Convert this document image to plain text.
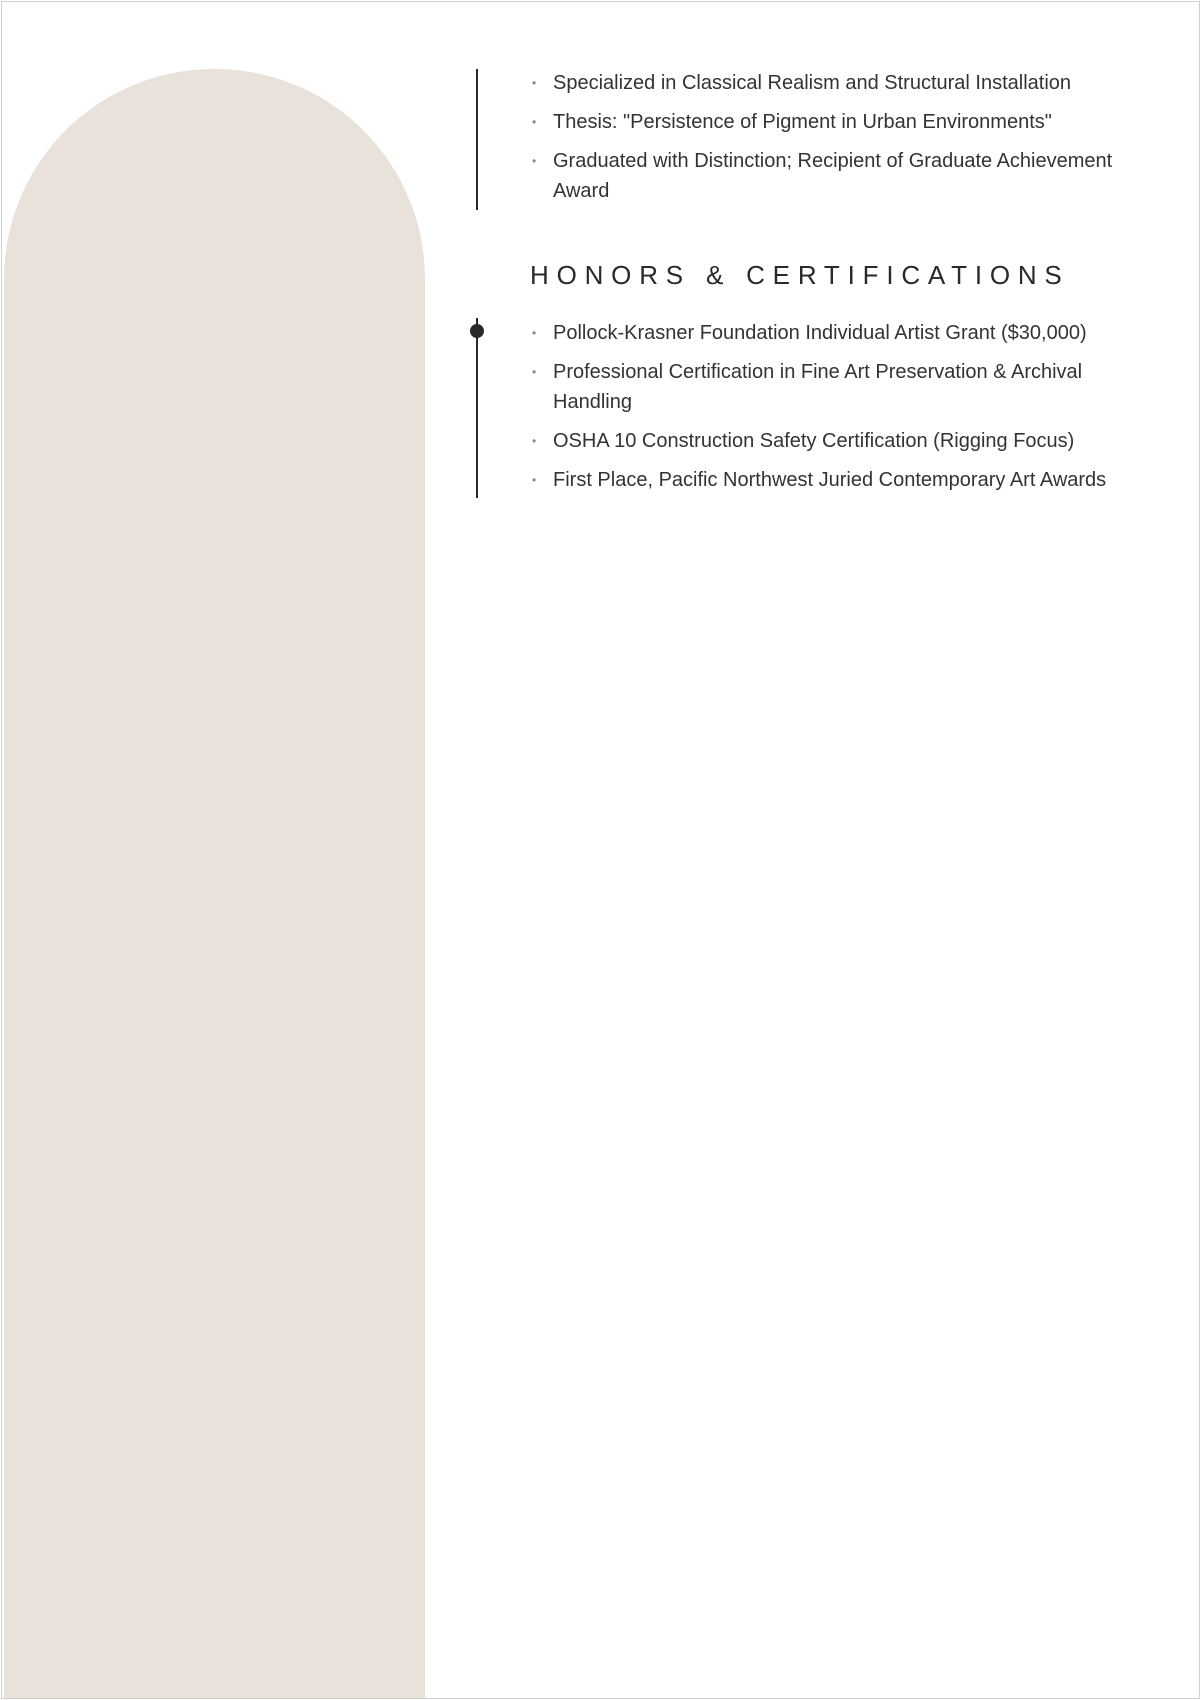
• Specialized in Classical Realism and Structural Installation
• Thesis: "Persistence of Pigment in Urban Environments"
• Graduated with Distinction; Recipient of Graduate Achievement Award
HONORS & CERTIFICATIONS
• Pollock-Krasner Foundation Individual Artist Grant ($30,000)
• Professional Certification in Fine Art Preservation & Archival Handling
• OSHA 10 Construction Safety Certification (Rigging Focus)
• First Place, Pacific Northwest Juried Contemporary Art Awards
